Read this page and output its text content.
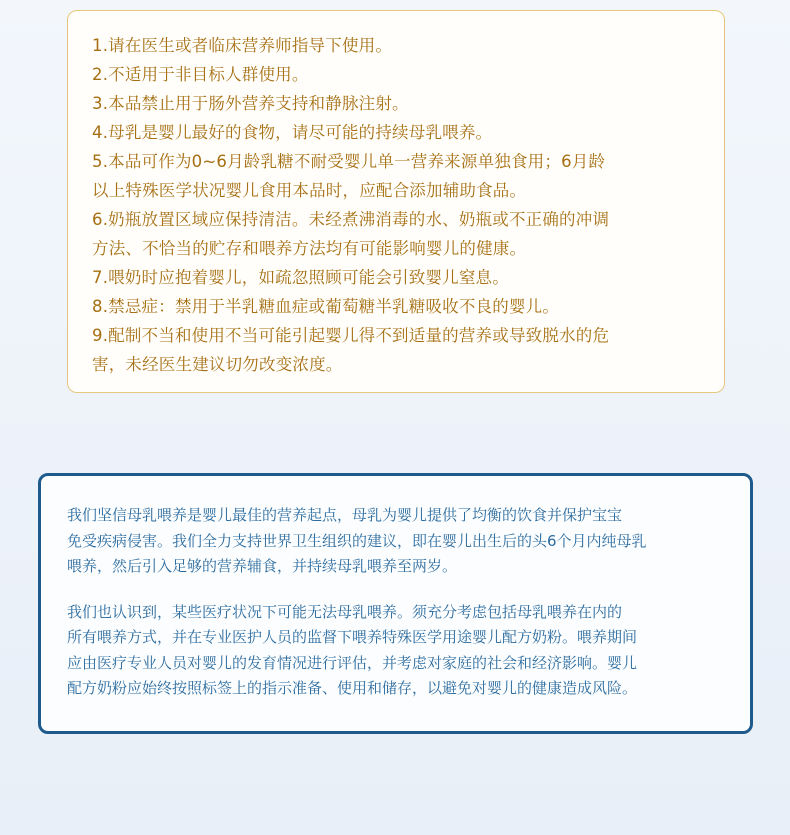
1.请在医生或者临床营养师指导下使用。
2.不适用于非目标人群使用。
3.本品禁止用于肠外营养支持和静脉注射。
4.母乳是婴儿最好的食物，请尽可能的持续母乳喂养。
5.本品可作为0~6月龄乳糖不耐受婴儿单一营养来源单独食用；6月龄
以上特殊医学状况婴儿食用本品时，应配合添加辅助食品。
6.奶瓶放置区域应保持清洁。未经煮沸消毒的水、奶瓶或不正确的冲调
方法、不恰当的贮存和喂养方法均有可能影响婴儿的健康。
7.喂奶时应抱着婴儿，如疏忽照顾可能会引致婴儿窒息。
8.禁忌症：禁用于半乳糖血症或葡萄糖半乳糖吸收不良的婴儿。
9.配制不当和使用不当可能引起婴儿得不到适量的营养或导致脱水的危
害，未经医生建议切勿改变浓度。

我们坚信母乳喂养是婴儿最佳的营养起点，母乳为婴儿提供了均衡的饮食并保护宝宝
免受疾病侵害。我们全力支持世界卫生组织的建议，即在婴儿出生后的头6个月内纯母乳
喂养，然后引入足够的营养辅食，并持续母乳喂养至两岁。

我们也认识到，某些医疗状况下可能无法母乳喂养。须充分考虑包括母乳喂养在内的
所有喂养方式，并在专业医护人员的监督下喂养特殊医学用途婴儿配方奶粉。喂养期间
应由医疗专业人员对婴儿的发育情况进行评估，并考虑对家庭的社会和经济影响。婴儿
配方奶粉应始终按照标签上的指示准备、使用和储存，以避免对婴儿的健康造成风险。
